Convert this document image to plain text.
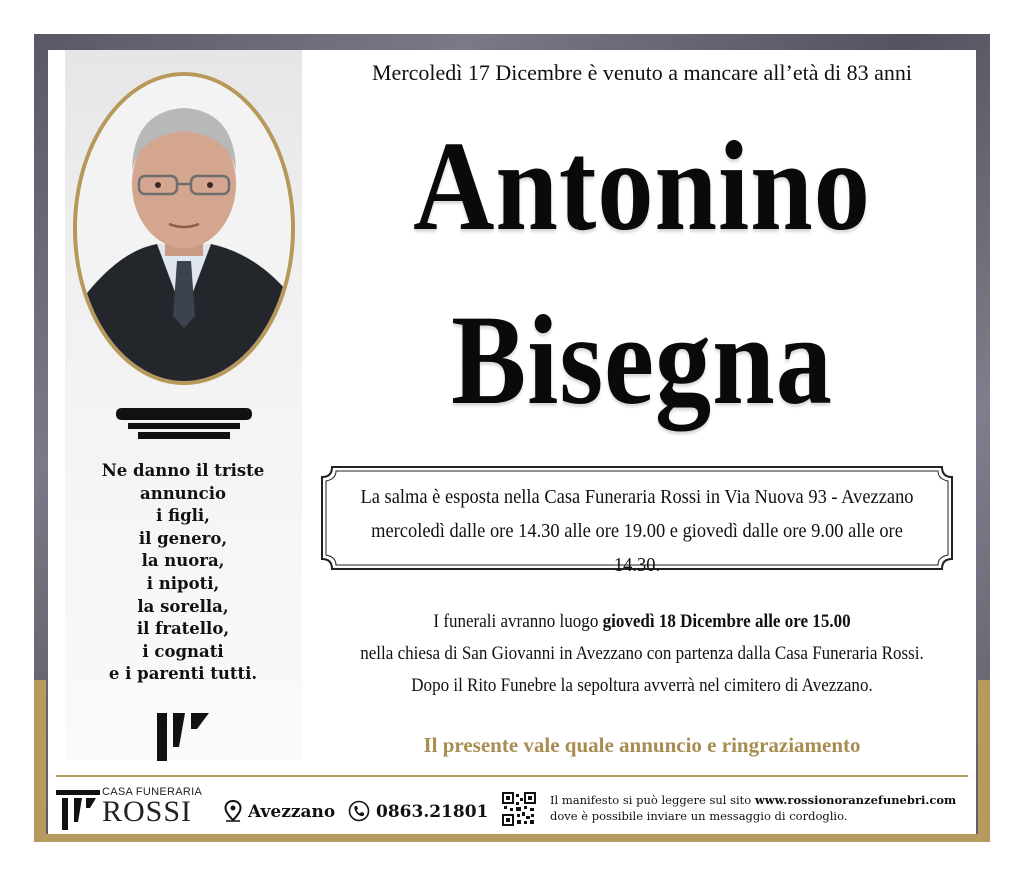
Ne danno il triste
annuncio
i figli,
il genero,
la nuora,
i nipoti,
la sorella,
il fratello,
i cognati
e i parenti tutti.
Mercoledì 17 Dicembre è venuto a mancare all’età di 83 anni
Antonino
Bisegna
La salma è esposta nella Casa Funeraria Rossi in Via Nuova 93 - Avezzano
mercoledì dalle ore 14.30 alle ore 19.00 e giovedì dalle ore 9.00 alle ore 14.30.
I funerali avranno luogo giovedì 18 Dicembre alle ore 15.00
nella chiesa di San Giovanni in Avezzano con partenza dalla Casa Funeraria Rossi.
Dopo il Rito Funebre la sepoltura avverrà nel cimitero di Avezzano.
Il presente vale quale annuncio e ringraziamento
CASA FUNERARIA
ROSSI	Avezzano 0863.21801
Il manifesto si può leggere sul sito www.rossionoranzefunebri.com
dove è possibile inviare un messaggio di cordoglio.
